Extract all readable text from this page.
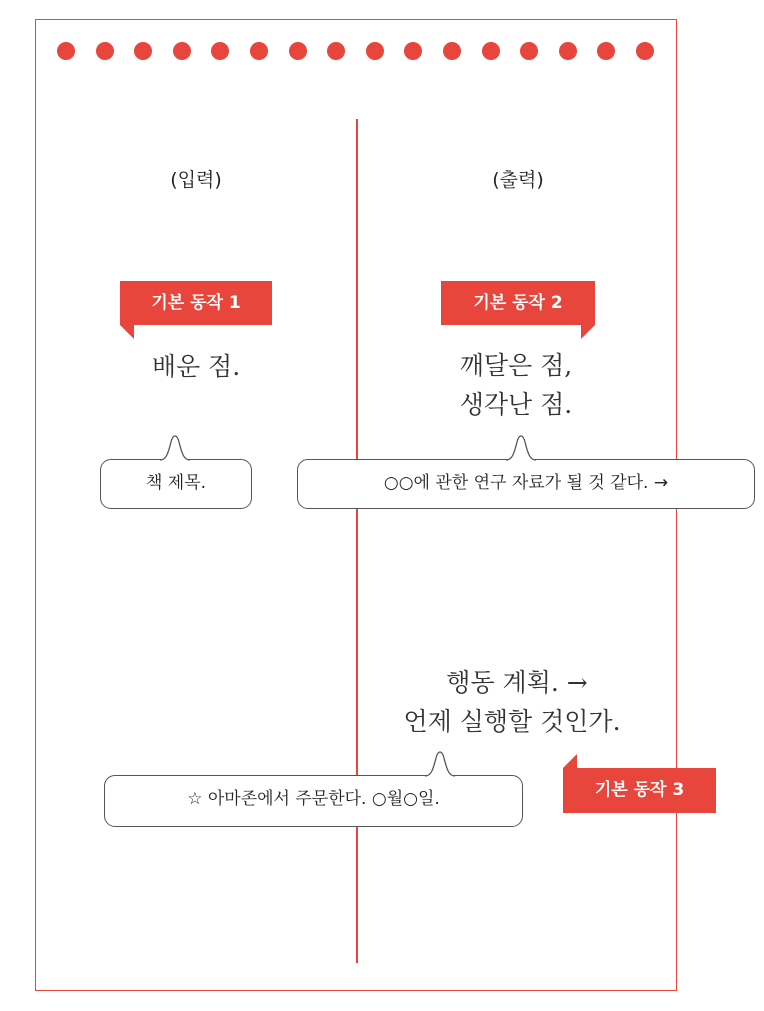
(입력)	(출력)
기본 동작 1	기본 동작 2
기본 동작 3
배운 점.	깨달은 점,
생각난 점.
행동 계획. →
언제 실행할 것인가.
책 제목.	○○에 관한 연구 자료가 될 것 같다. →
☆ 아마존에서 주문한다. ○월○일.
